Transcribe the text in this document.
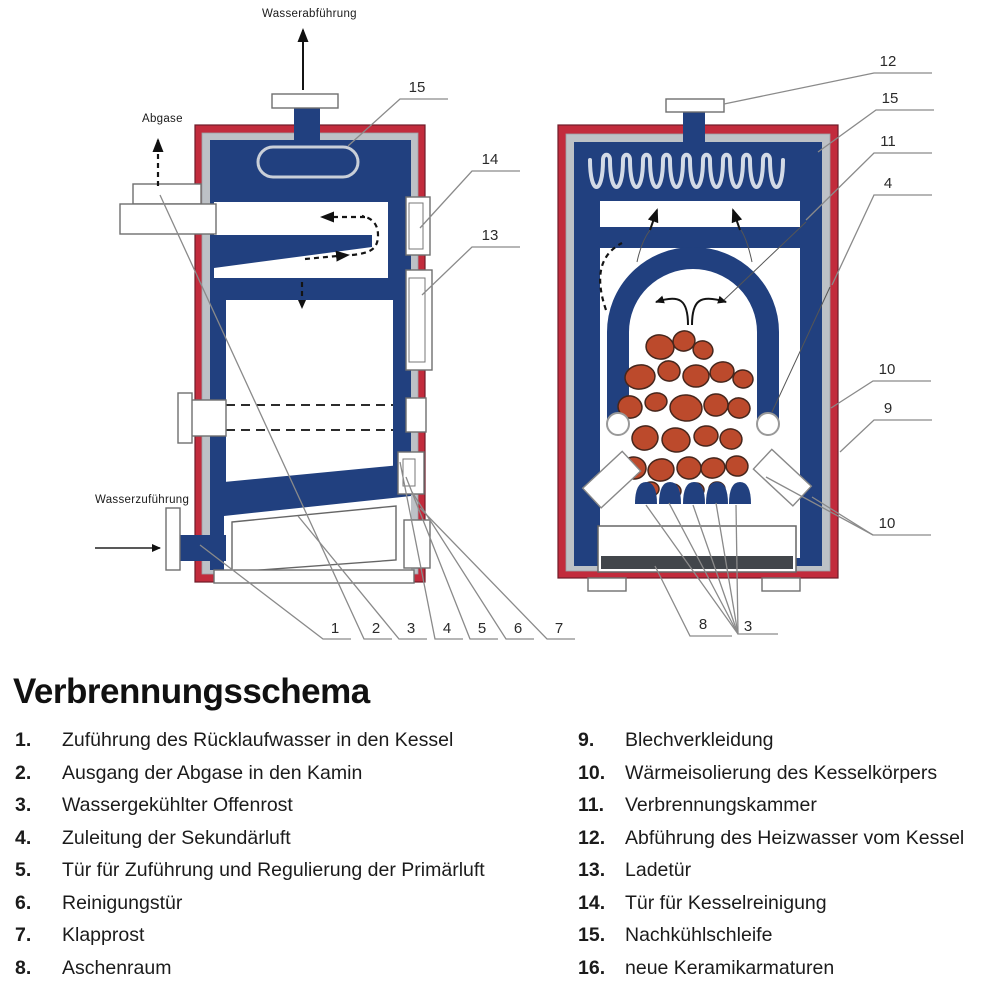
15
14
13
1 2 3 4 5 6 7
12
15
11
4
10
9
10
8 3
Wasserabführung
Abgase
Wasserzuführung
Verbrennungsschema
1.	Zuführung des Rücklaufwasser in den Kessel
2.	Ausgang der Abgase in den Kamin
3.	Wassergekühlter Offenrost
4.	Zuleitung der Sekundärluft
5.	Tür für Zuführung und Regulierung der Primärluft
6.	Reinigungstür
7.	Klapprost
8.	Aschenraum
9.	Blechverkleidung
10.	Wärmeisolierung des Kesselkörpers
11.	Verbrennungskammer
12.	Abführung des Heizwasser vom Kessel
13.	Ladetür
14.	Tür für Kesselreinigung
15.	Nachkühlschleife
16.	neue Keramikarmaturen
